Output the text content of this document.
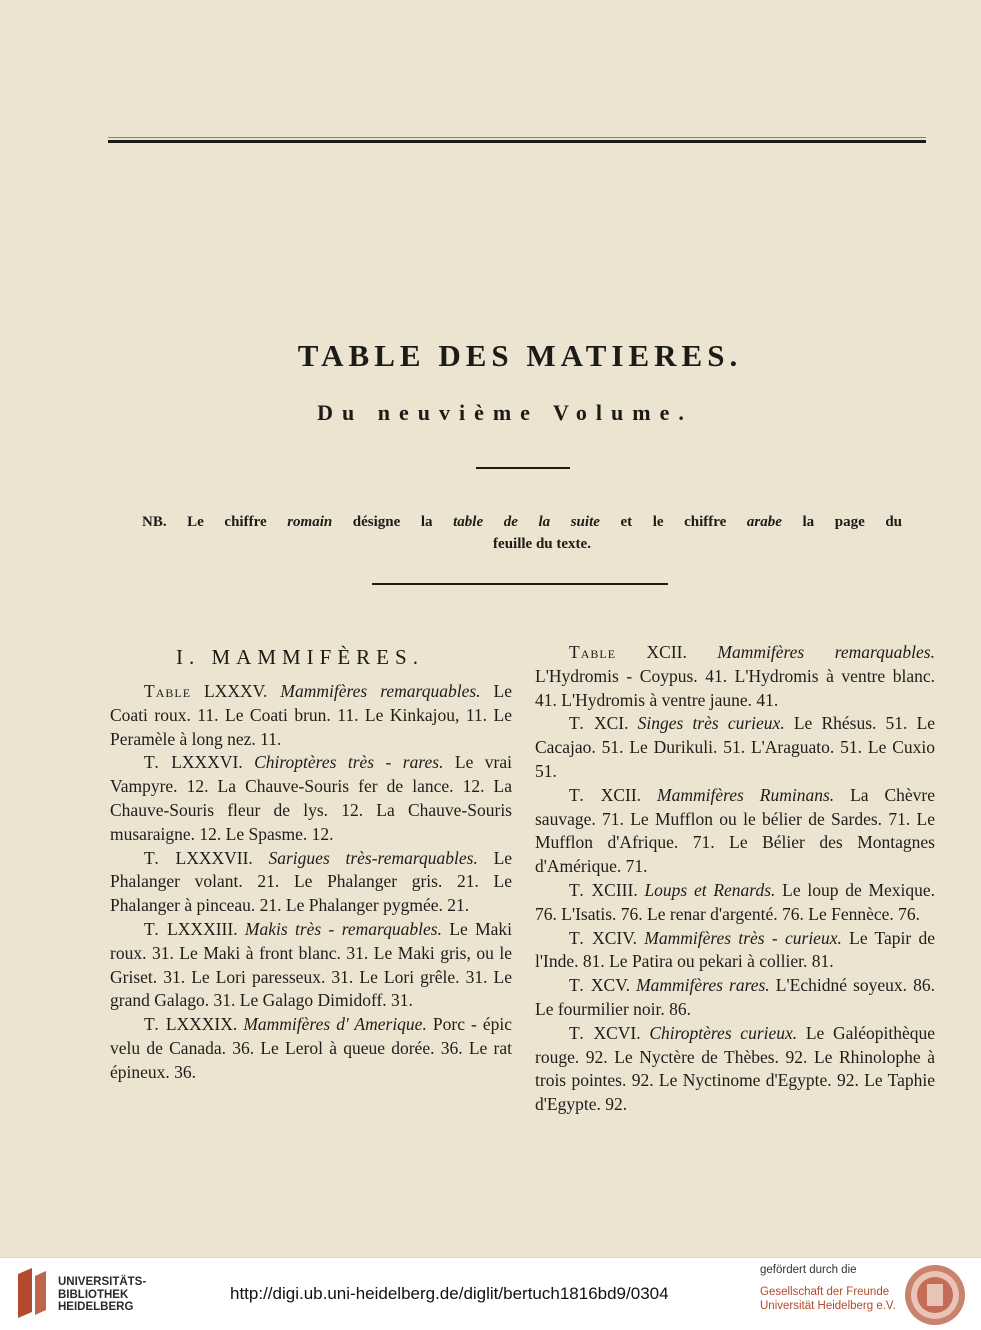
TABLE DES MATIERES.
Du neuvième Volume.
NB. Le chiffre romain désigne la table de la suite et le chiffre arabe la page du
feuille du texte.
I. MAMMIFÈRES.

Table LXXXV. Mammifères remarquables. Le Coati roux. 11. Le Coati brun. 11. Le Kinkajou, 11. Le Peramèle à long nez. 11.

T. LXXXVI. Chiroptères très - rares. Le vrai Vampyre. 12. La Chauve-Souris fer de lance. 12. La Chauve-Souris fleur de lys. 12. La Chauve-Souris musaraigne. 12. Le Spasme. 12.

T. LXXXVII. Sarigues très-remarquables. Le Phalanger volant. 21. Le Phalanger gris. 21. Le Phalanger à pinceau. 21. Le Phalanger pygmée. 21.

T. LXXXIII. Makis très - remarquables. Le Maki roux. 31. Le Maki à front blanc. 31. Le Maki gris, ou le Griset. 31. Le Lori paresseux. 31. Le Lori grêle. 31. Le grand Galago. 31. Le Galago Dimidoff. 31.

T. LXXXIX. Mammifères d' Amerique. Porc - épic velu de Canada. 36. Le Lerol à queue dorée. 36. Le rat épineux. 36.

Table XCII. Mammifères remarquables. L'Hydromis - Coypus. 41. L'Hydromis à ventre blanc. 41. L'Hydromis à ventre jaune. 41.

T. XCI. Singes très curieux. Le Rhésus. 51. Le Cacajao. 51. Le Durikuli. 51. L'Araguato. 51. Le Cuxio 51.

T. XCII. Mammifères Ruminans. La Chèvre sauvage. 71. Le Mufflon ou le bélier de Sardes. 71. Le Mufflon d'Afrique. 71. Le Bélier des Montagnes d'Amérique. 71.

T. XCIII. Loups et Renards. Le loup de Mexique. 76. L'Isatis. 76. Le renar d'argenté. 76. Le Fennèce. 76.

T. XCIV. Mammifères très - curieux. Le Tapir de l'Inde. 81. Le Patira ou pekari à collier. 81.

T. XCV. Mammifères rares. L'Echidné soyeux. 86. Le fourmilier noir. 86.

T. XCVI. Chiroptères curieux. Le Galéopithèque rouge. 92. Le Nyctère de Thèbes. 92. Le Rhinolophe à trois pointes. 92. Le Nyctinome d'Egypte. 92. Le Taphie d'Egypte. 92.

UNIVERSITÄTS-
BIBLIOTHEK
HEIDELBERG
http://digi.ub.uni-heidelberg.de/diglit/bertuch1816bd9/0304
gefördert durch die
Gesellschaft der Freunde
Universität Heidelberg e.V.
